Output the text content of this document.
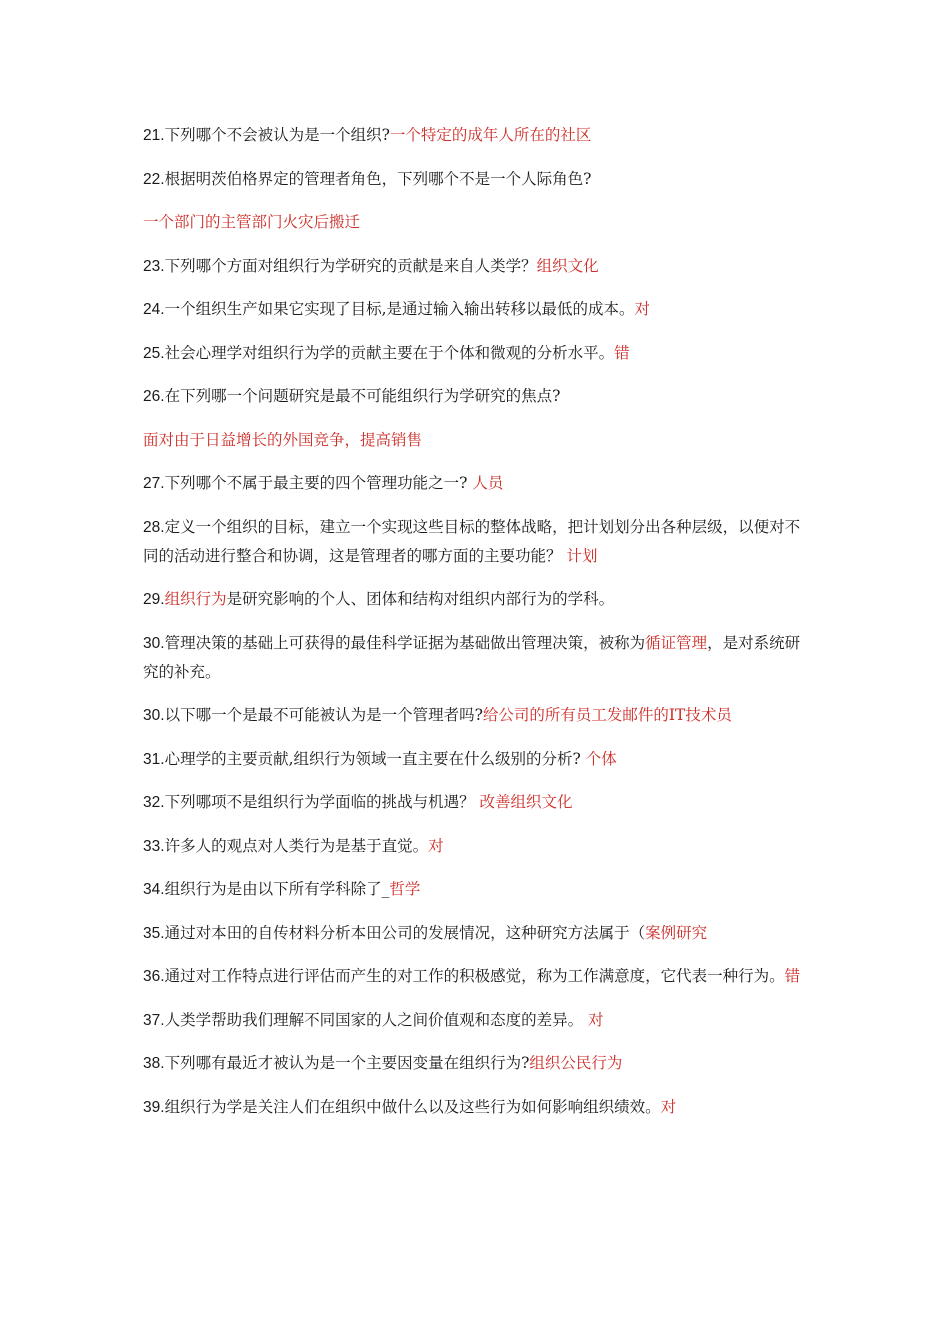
21.下列哪个不会被认为是一个组织?一个特定的成年人所在的社区

22.根据明茨伯格界定的管理者角色，下列哪个不是一个人际角色?

一个部门的主管部门火灾后搬迁

23.下列哪个方面对组织行为学研究的贡献是来自人类学？组织文化

24.一个组织生产如果它实现了目标,是通过输入输出转移以最低的成本。对

25.社会心理学对组织行为学的贡献主要在于个体和微观的分析水平。错

26.在下列哪一个问题研究是最不可能组织行为学研究的焦点?

面对由于日益增长的外国竞争，提高销售

27.下列哪个不属于最主要的四个管理功能之一? 人员

28.定义一个组织的目标，建立一个实现这些目标的整体战略，把计划划分出各种层级，以便对不同的活动进行整合和协调，这是管理者的哪方面的主要功能？ 计划

29.组织行为是研究影响的个人、团体和结构对组织内部行为的学科。

30.管理决策的基础上可获得的最佳科学证据为基础做出管理决策，被称为循证管理，是对系统研究的补充。

30.以下哪一个是最不可能被认为是一个管理者吗?给公司的所有员工发邮件的IT技术员

31.心理学的主要贡献,组织行为领域一直主要在什么级别的分析? 个体

32.下列哪项不是组织行为学面临的挑战与机遇？ 改善组织文化

33.许多人的观点对人类行为是基于直觉。对

34.组织行为是由以下所有学科除了_哲学

35.通过对本田的自传材料分析本田公司的发展情况，这种研究方法属于（案例研究

36.通过对工作特点进行评估而产生的对工作的积极感觉，称为工作满意度，它代表一种行为。错

37.人类学帮助我们理解不同国家的人之间价值观和态度的差异。 对

38.下列哪有最近才被认为是一个主要因变量在组织行为?组织公民行为

39.组织行为学是关注人们在组织中做什么以及这些行为如何影响组织绩效。对
